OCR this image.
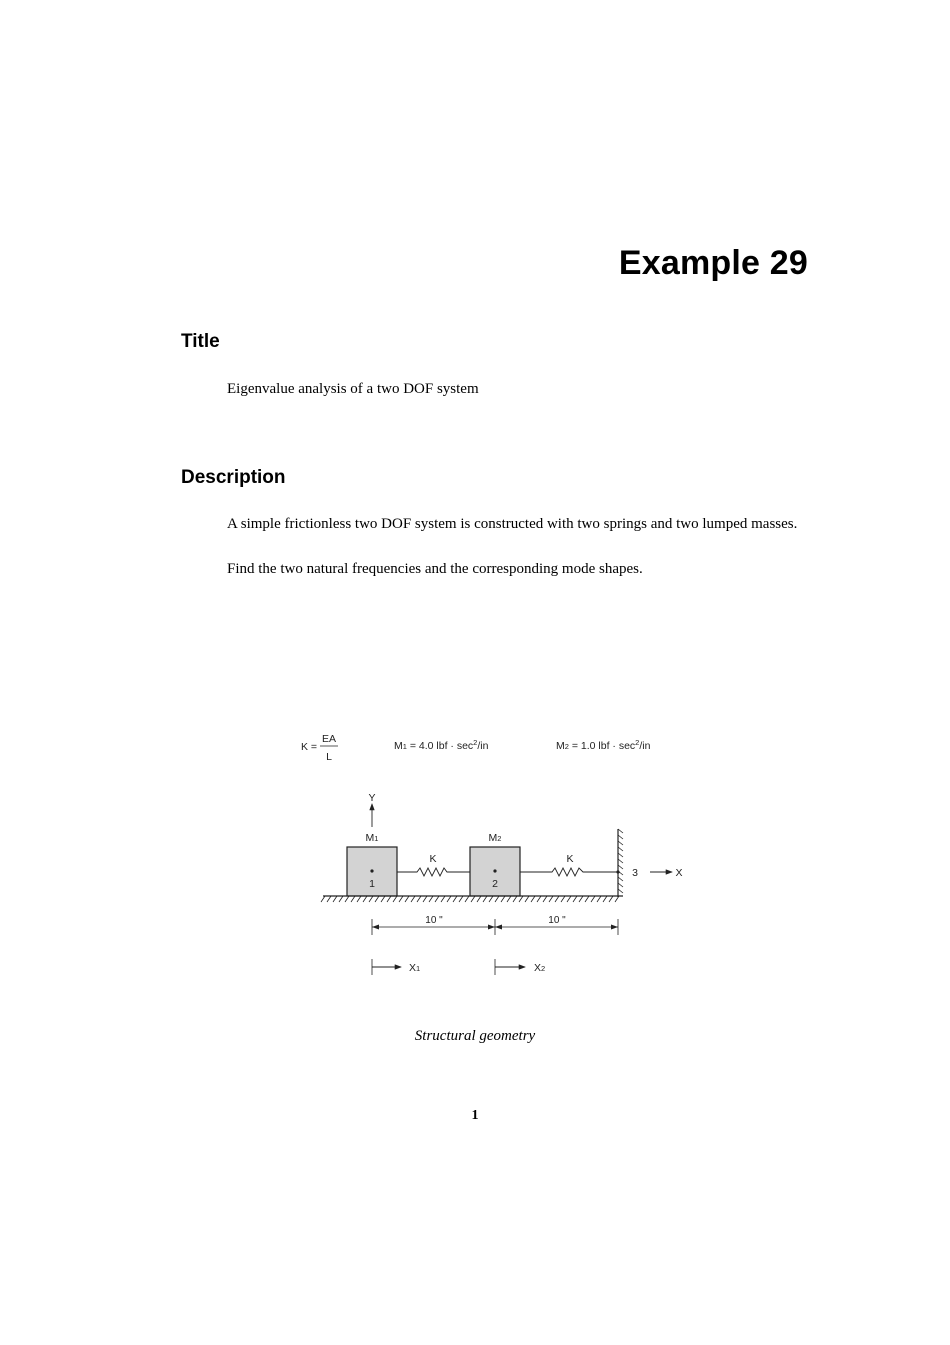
Example 29
Title

Eigenvalue analysis of a two DOF system

Description

A simple frictionless two DOF system is constructed with two springs and two lumped masses.

Find the two natural frequencies and the corresponding mode shapes.

K =
EA
L
M1 = 4.0 lbf · $\sec^2/in$	M2 = 1.0 lbf · $\sec^2/in$
Y
M1	M2
1	2
K	K
3	X
10 "	10 "
X1	X2

Structural geometry

1
